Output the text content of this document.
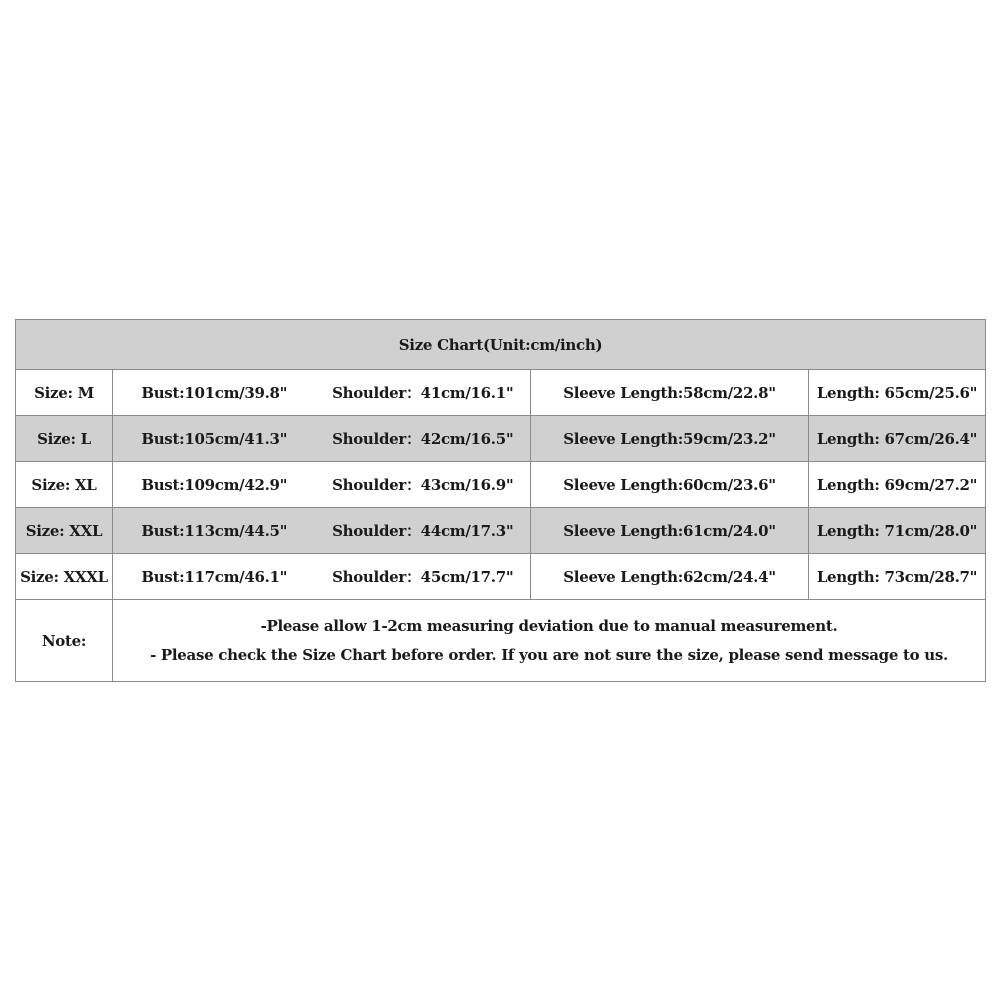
Size Chart(Unit:cm/inch)				
Size: M	Bust:101cm/39.8"	Shoulder：41cm/16.1"	Sleeve Length:58cm/22.8"	Length: 65cm/25.6"
Size: L	Bust:105cm/41.3"	Shoulder：42cm/16.5"	Sleeve Length:59cm/23.2"	Length: 67cm/26.4"
Size: XL	Bust:109cm/42.9"	Shoulder：43cm/16.9"	Sleeve Length:60cm/23.6"	Length: 69cm/27.2"
Size: XXL	Bust:113cm/44.5"	Shoulder：44cm/17.3"	Sleeve Length:61cm/24.0"	Length: 71cm/28.0"
Size: XXXL	Bust:117cm/46.1"	Shoulder：45cm/17.7"	Sleeve Length:62cm/24.4"	Length: 73cm/28.7"
Note:	-Please allow 1-2cm measuring deviation due to manual measurement.
- Please check the Size Chart before order. If you are not sure the size, please send message to us.			
